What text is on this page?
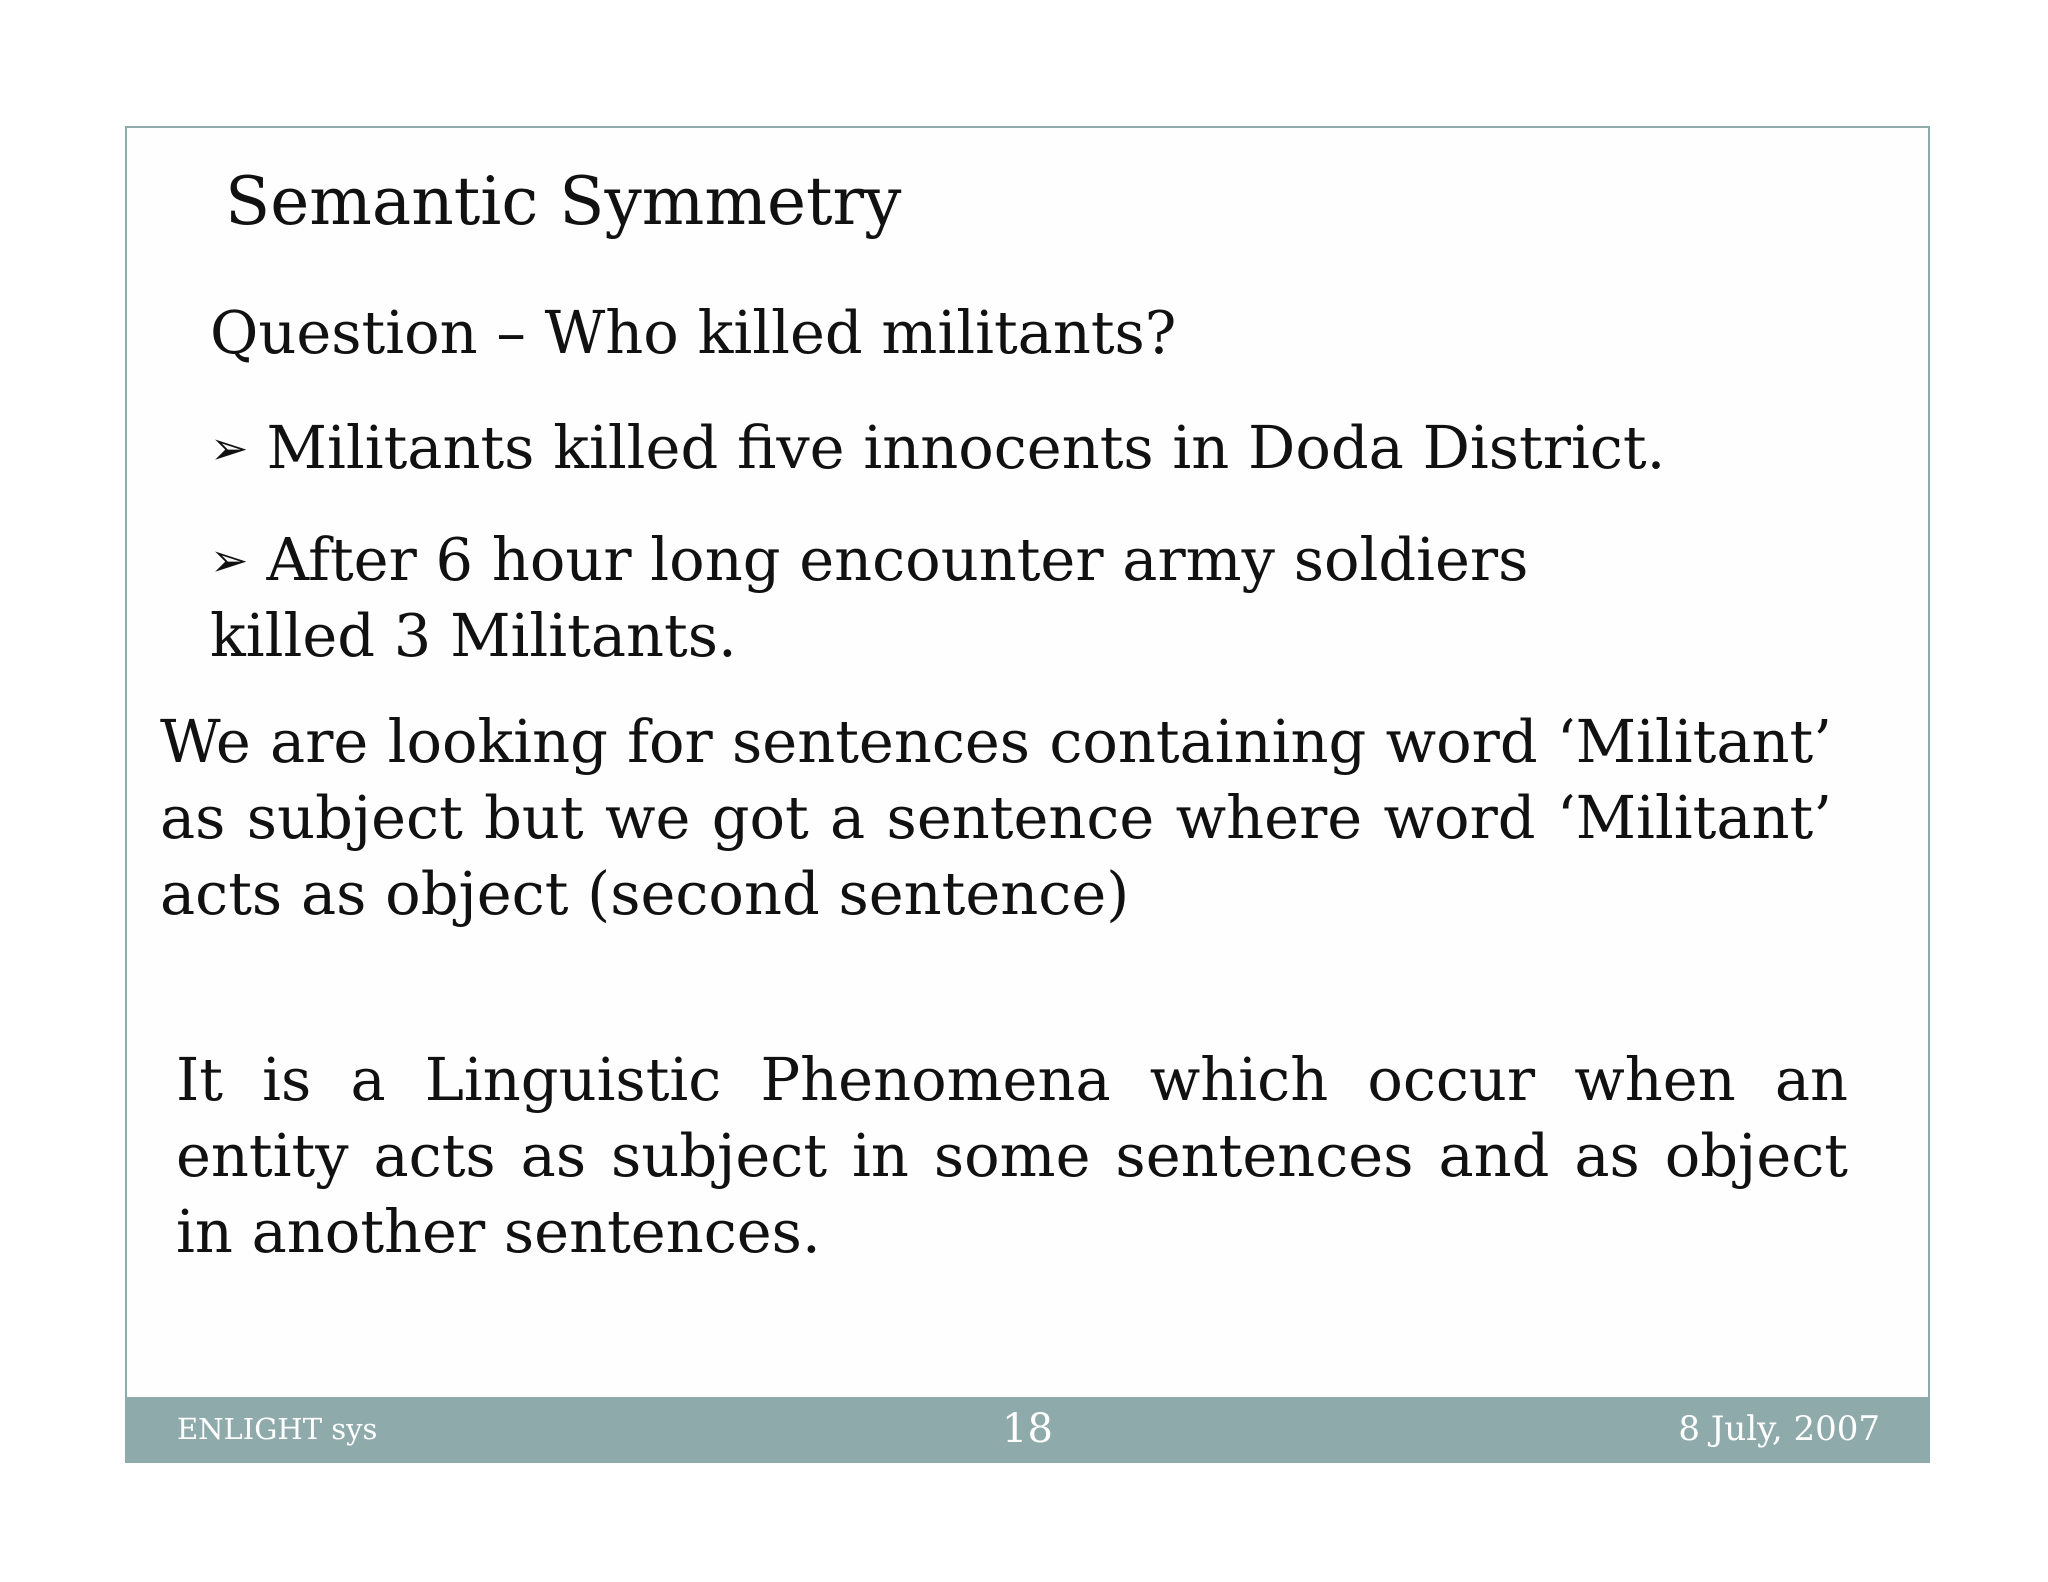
Semantic Symmetry
Question – Who killed militants?
➢ Militants killed five innocents in Doda District.
➢ After 6 hour long encounter army soldiers killed 3 Militants.
We are looking for sentences containing word ‘Militant’ as subject but we got a sentence where word ‘Militant’ acts as object (second sentence)
It is a Linguistic Phenomena which occur when an entity acts as subject in some sentences and as object in another sentences.
ENLIGHT sys	18	8 July, 2007
